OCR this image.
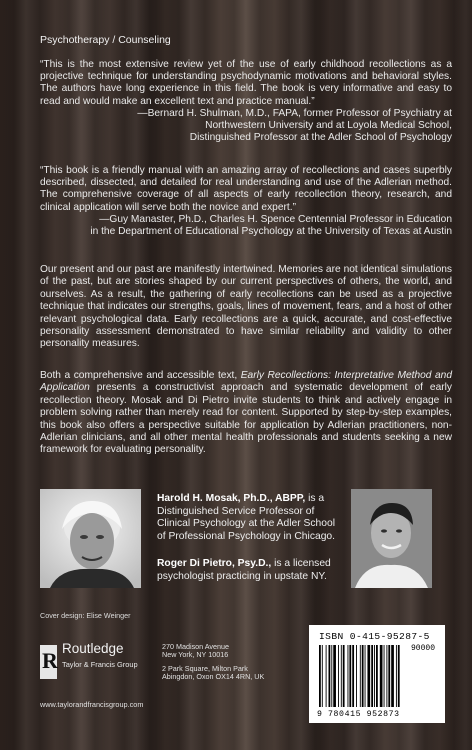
Psychotherapy / Counseling
“This is the most extensive review yet of the use of early childhood recollections as a projective technique for understanding psychodynamic motivations and behavioral styles. The authors have long experience in this field. The book is very informative and easy to read and would make an excellent text and practice manual.”
—Bernard H. Shulman, M.D., FAPA, former Professor of Psychiatry at
Northwestern University and at Loyola Medical School,
Distinguished Professor at the Adler School of Psychology
“This book is a friendly manual with an amazing array of recollections and cases superbly described, dissected, and detailed for real understanding and use of the Adlerian method. The comprehensive coverage of all aspects of early recollection theory, research, and clinical application will serve both the novice and expert.”
—Guy Manaster, Ph.D., Charles H. Spence Centennial Professor in Education
in the Department of Educational Psychology at the University of Texas at Austin
Our present and our past are manifestly intertwined. Memories are not identical simulations of the past, but are stories shaped by our current perspectives of others, the world, and ourselves. As a result, the gathering of early recollections can be used as a projective technique that indicates our strengths, goals, lines of movement, fears, and a host of other relevant psychological data. Early recollections are a quick, accurate, and cost-effective personality assessment demonstrated to have similar reliability and validity to other personality measures.
Both a comprehensive and accessible text, Early Recollections: Interpretative Method and Application presents a constructivist approach and systematic development of early recollection theory. Mosak and Di Pietro invite students to think and actively engage in problem solving rather than merely read for content. Supported by step-by-step examples, this book also offers a perspective suitable for application by Adlerian practitioners, non-Adlerian clinicians, and all other mental health professionals and students seeking a new framework for evaluating personality.
Harold H. Mosak, Ph.D., ABPP, is a Distinguished Service Professor of Clinical Psychology at the Adler School of Professional Psychology in Chicago.
Roger Di Pietro, Psy.D., is a licensed psychologist practicing in upstate NY.
Cover design: Elise Weinger
R Routledge
Taylor & Francis Group
270 Madison Avenue
New York, NY 10016
2 Park Square, Milton Park
Abingdon, Oxon OX14 4RN, UK
www.taylorandfrancisgroup.com
ISBN 0-415-95287-5
90000
9 780415 952873
